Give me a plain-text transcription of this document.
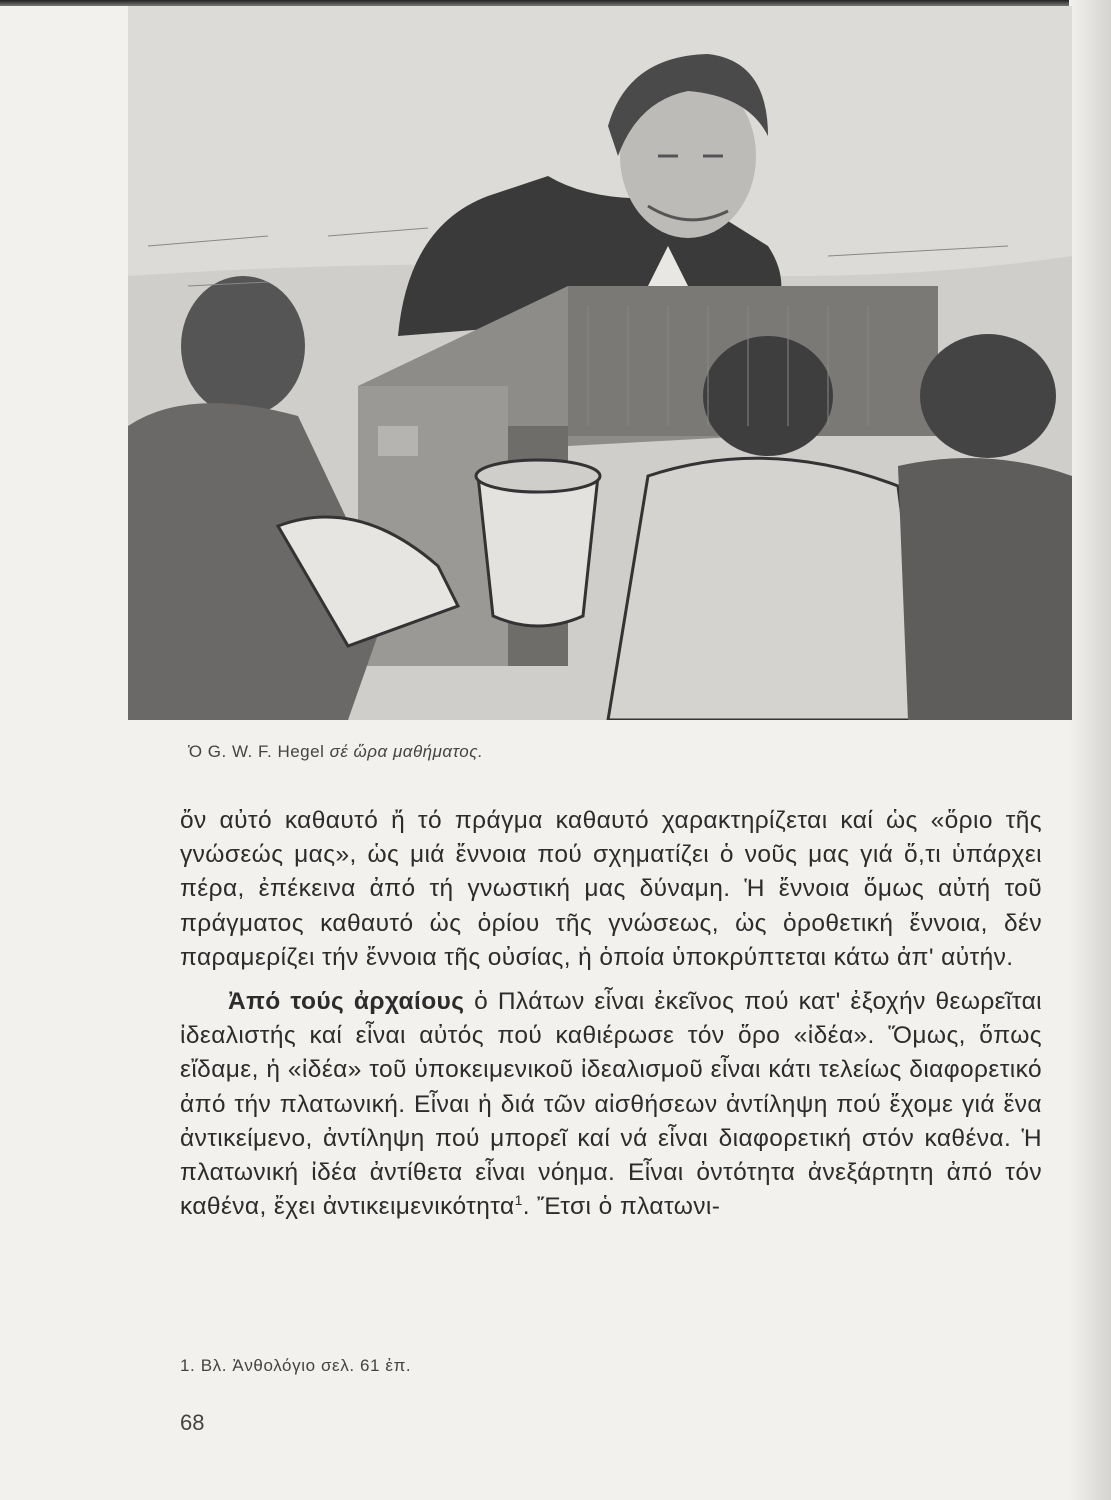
Ὁ G. W. F. Hegel σέ ὥρα μαθήματος.

ὄν αὐτό καθαυτό ἤ τό πράγμα καθαυτό χαρακτηρίζεται καί ὡς «ὅριο τῆς γνώσεώς μας», ὡς μιά ἔννοια πού σχηματίζει ὁ νοῦς μας γιά ὅ,τι ὑπάρχει πέρα, ἐπέκεινα ἀπό τή γνωστική μας δύναμη. Ἡ ἔννοια ὅμως αὐτή τοῦ πράγματος καθαυτό ὡς ὁρίου τῆς γνώσεως, ὡς ὁροθετική ἔννοια, δέν παραμερίζει τήν ἔννοια τῆς οὐσίας, ἡ ὁποία ὑποκρύπτεται κάτω ἀπ' αὐτήν.

Ἀπό τούς ἀρχαίους ὁ Πλάτων εἶναι ἐκεῖνος πού κατ' ἐξοχήν θεωρεῖται ἰδεαλιστής καί εἶναι αὐτός πού καθιέρωσε τόν ὅρο «ἰδέα». Ὅμως, ὅπως εἴδαμε, ἡ «ἰδέα» τοῦ ὑποκειμενικοῦ ἰδεαλισμοῦ εἶναι κάτι τελείως διαφορετικό ἀπό τήν πλατωνική. Εἶναι ἡ διά τῶν αἰσθήσεων ἀντίληψη πού ἔχομε γιά ἕνα ἀντικείμενο, ἀντίληψη πού μπορεῖ καί νά εἶναι διαφορετική στόν καθένα. Ἡ πλατωνική ἰδέα ἀντίθετα εἶναι νόημα. Εἶναι ὀντότητα ἀνεξάρτητη ἀπό τόν καθένα, ἔχει ἀντικειμενικότητα$^1$. Ἔτσι ὁ πλατωνι-

1. Βλ. Ἀνθολόγιο σελ. 61 ἐπ.
68
